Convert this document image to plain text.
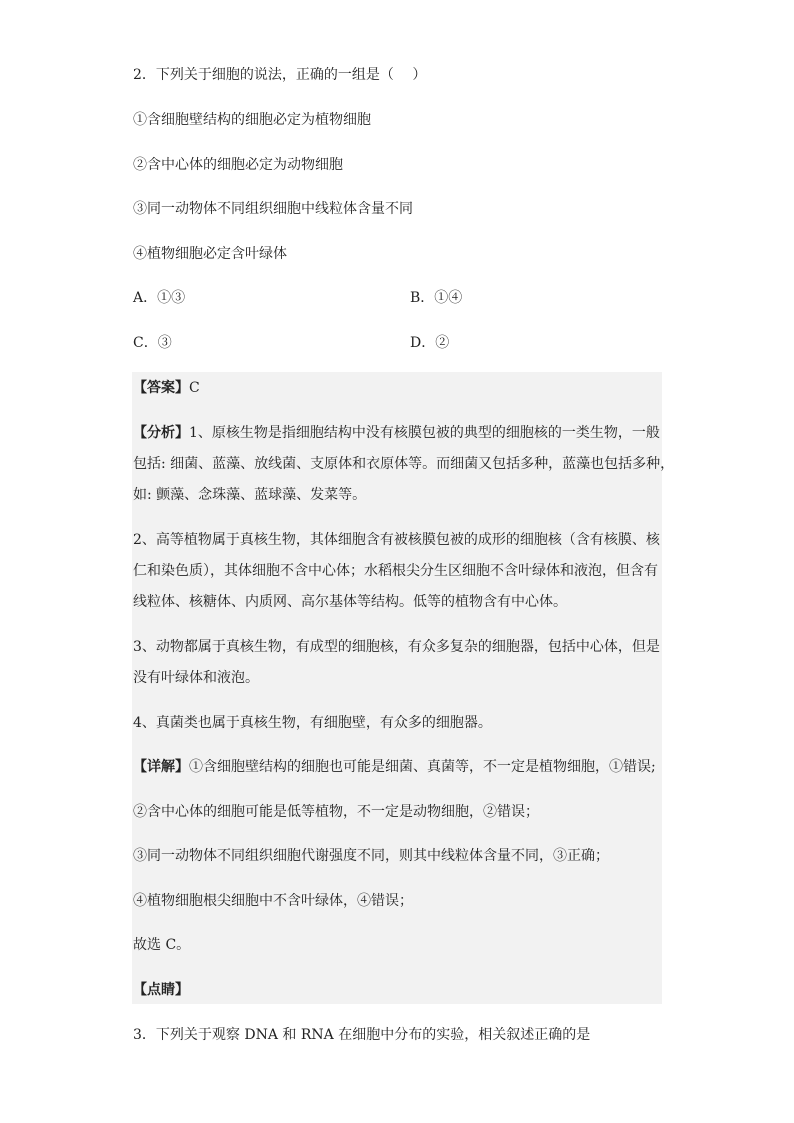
2．下列关于细胞的说法，正确的一组是（　 ）
①含细胞壁结构的细胞必定为植物细胞
②含中心体的细胞必定为动物细胞
③同一动物体不同组织细胞中线粒体含量不同
④植物细胞必定含叶绿体
A．①③	B．①④
C．③	D．②
【答案】C
【分析】1、原核生物是指细胞结构中没有核膜包被的典型的细胞核的一类生物，一般
包括: 细菌、蓝藻、放线菌、支原体和衣原体等。而细菌又包括多种，蓝藻也包括多种，
如: 颤藻、念珠藻、蓝球藻、发菜等。
2、高等植物属于真核生物，其体细胞含有被核膜包被的成形的细胞核（含有核膜、核
仁和染色质），其体细胞不含中心体；水稻根尖分生区细胞不含叶绿体和液泡，但含有
线粒体、核糖体、内质网、高尔基体等结构。低等的植物含有中心体。
3、动物都属于真核生物，有成型的细胞核，有众多复杂的细胞器，包括中心体，但是
没有叶绿体和液泡。
4、真菌类也属于真核生物，有细胞壁，有众多的细胞器。
【详解】①含细胞壁结构的细胞也可能是细菌、真菌等，不一定是植物细胞，①错误;
②含中心体的细胞可能是低等植物，不一定是动物细胞，②错误；
③同一动物体不同组织细胞代谢强度不同，则其中线粒体含量不同，③正确；
④植物细胞根尖细胞中不含叶绿体，④错误；
故选 C。
【点睛】
3．下列关于观察 DNA 和 RNA 在细胞中分布的实验，相关叙述正确的是
